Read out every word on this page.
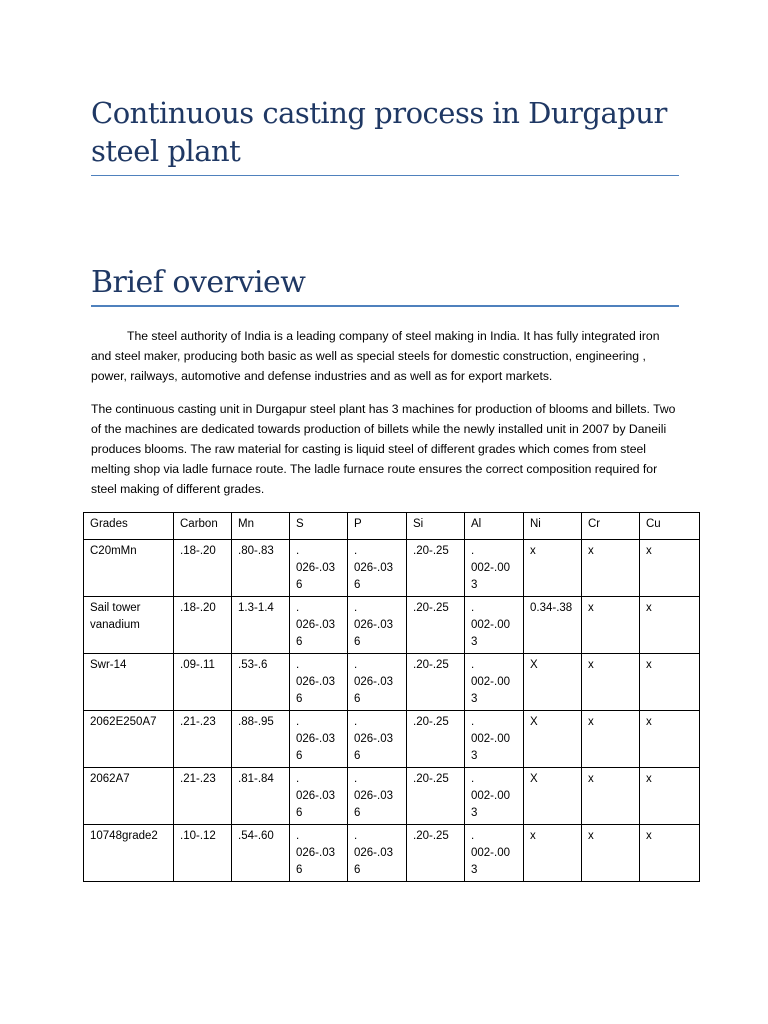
Continuous casting process in Durgapur steel plant
Brief overview

The steel authority of India is a leading company of steel making in India. It has fully integrated iron and steel maker, producing both basic as well as special steels for domestic construction, engineering , power, railways, automotive and defense industries and as well as for export markets.

The continuous casting unit in Durgapur steel plant has 3 machines for production of blooms and billets. Two of the machines are dedicated towards production of billets while the newly installed unit in 2007 by Daneili produces blooms. The raw material for casting is liquid steel of different grades which comes from steel melting shop via ladle furnace route. The ladle furnace route ensures the correct composition required for steel making of different grades.

Grades	Carbon	Mn	S	P	Si	Al	Ni	Cr	Cu
C20mMn	.18-.20	.80-.83	.
026-.03
6	.
026-.03
6	.20-.25	.
002-.00
3	x	x	x
Sail tower vanadium	.18-.20	1.3-1.4	.
026-.03
6	.
026-.03
6	.20-.25	.
002-.00
3	0.34-.38	x	x
Swr-14	.09-.11	.53-.6	.
026-.03
6	.
026-.03
6	.20-.25	.
002-.00
3	X	x	x
2062E250A7	.21-.23	.88-.95	.
026-.03
6	.
026-.03
6	.20-.25	.
002-.00
3	X	x	x
2062A7	.21-.23	.81-.84	.
026-.03
6	.
026-.03
6	.20-.25	.
002-.00
3	X	x	x
10748grade2	.10-.12	.54-.60	.
026-.03
6	.
026-.03
6	.20-.25	.
002-.00
3	x	x	x
